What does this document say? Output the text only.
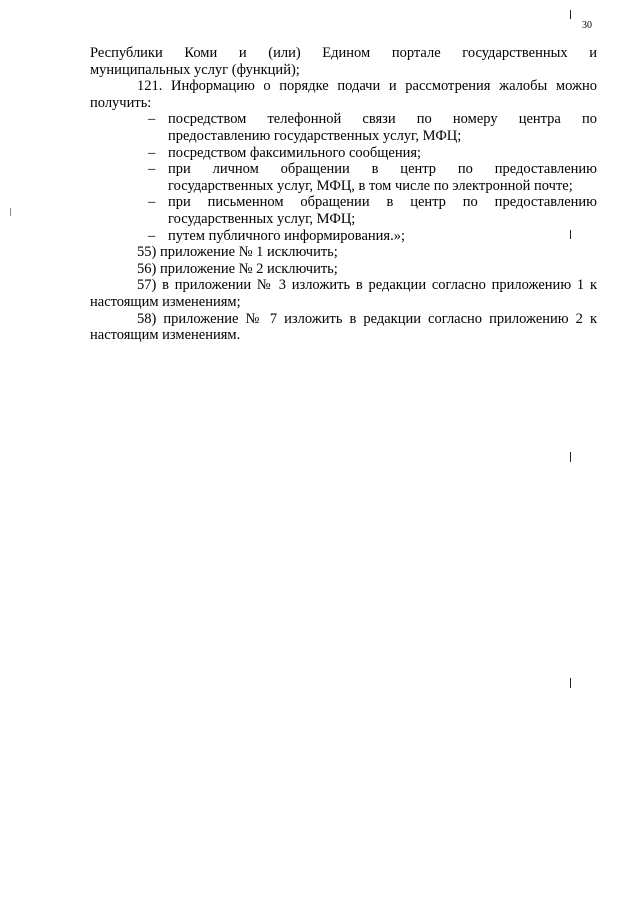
30

Республики Коми и (или) Едином порталe государственных и

муниципальных услуг (функций);

121. Информацию о порядке подачи и рассмотрения жалобы можно

получить:

– посредством телефонной связи по номеру центра по

предоставлению государственных услуг, МФЦ;

– посредством факсимильного сообщения;

– при личном обращении в центр по предоставлению

государственных услуг, МФЦ, в том числе по электронной почте;

– при письменном обращении в центр по предоставлению

государственных услуг, МФЦ;

– путем публичного информирования.»;

55) приложение № 1 исключить;

56) приложение № 2 исключить;

57) в приложении № 3 изложить в редакции согласно приложению 1 к

настоящим изменениям;

58) приложение № 7 изложить в редакции согласно приложению 2 к

настоящим изменениям.
